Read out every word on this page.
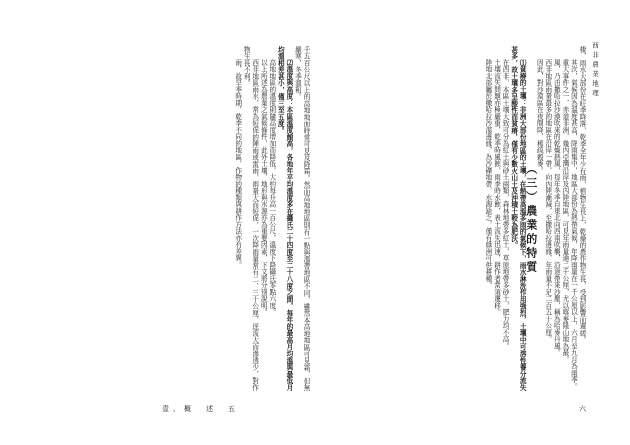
西非農業地理

棲，雨水大部份在旺季降落，乾季全年少有雨，植物生長上，乾燥的農作物生長，受到影響而遲緩。

其次，氣候因為溫度甚高，降雨集中，地區大部份為熱帶氣候，年降雨量在一千公厘以上，六月至九月為雨季。

重大事件之一，赤道非洲，幾內亞灣沿岸及內陸地區，可見年雨量逾二千公厘，尤以喀麥隆山地為最。

風，乃由撒哈拉沙漠吹來的乾燥熱風，每年冬季自東北向西南吹襲，沿途帶來沙塵，稱為哈麥丹風。

西非地區雨量最多的地區在沿岸一帶，向內陸漸減，至撒哈拉邊緣，年雨量不足二百五十公厘。

因此，對沙漠區在夜間降，稀疏穀麥。

（三）農業的特質

⑴貧瘠的土壤：非洲大部份地區的土壤，在熱帶高溫多雨的氣候下，雨水淋洗作用強烈，土壤中可溶性養分流失甚多，故土壤多呈酸性而貧瘠，僅有少數火山土及沖積土較為肥沃。

在西非，本區土壤大致可分為紅土與砂土兩類，森林地帶多紅土，草原地帶多砂土，肥力均不高。

土壤流失問題亦極嚴重，乾季時風蝕，雨季時水蝕，表土流失迅速，耕作者常須遷移。

陸地北部屬於撒哈拉沙漠邊緣，為沙礫地帶，水源缺乏，僅有綠洲可供耕種。

六

千五百公尺以上的高地地面時常可見及降霜。然而高地地區則有一點與溫帶地區不同，雖然本高地地區可見霜，但無嚴寒，冬季溫和。

⑵溫度與高度：本區溫度頗高，各地年平均溫度多在攝氏二十四度至二十八度之間，每年的最高月均溫與最低月均溫相差甚小，僅三至五度。

高地地區的溫度則隨高度增加而降低，大約每升高一百公尺，溫度下降攝氏零點六度。

以上所述為農業之氣候條件，此外土壤、地形與水源亦為重要因素，下文將分別說明。

西非地區雨水，常為短促的陣雨或雷雨，雨量大而短促，一次降雨量常有二、三十公厘，逕流大而滲透少，對作物生長不利。

雨，故旱季時期，乾季不同的地區，作物的種類與耕作方法亦有差異。

壹、概　述 五
